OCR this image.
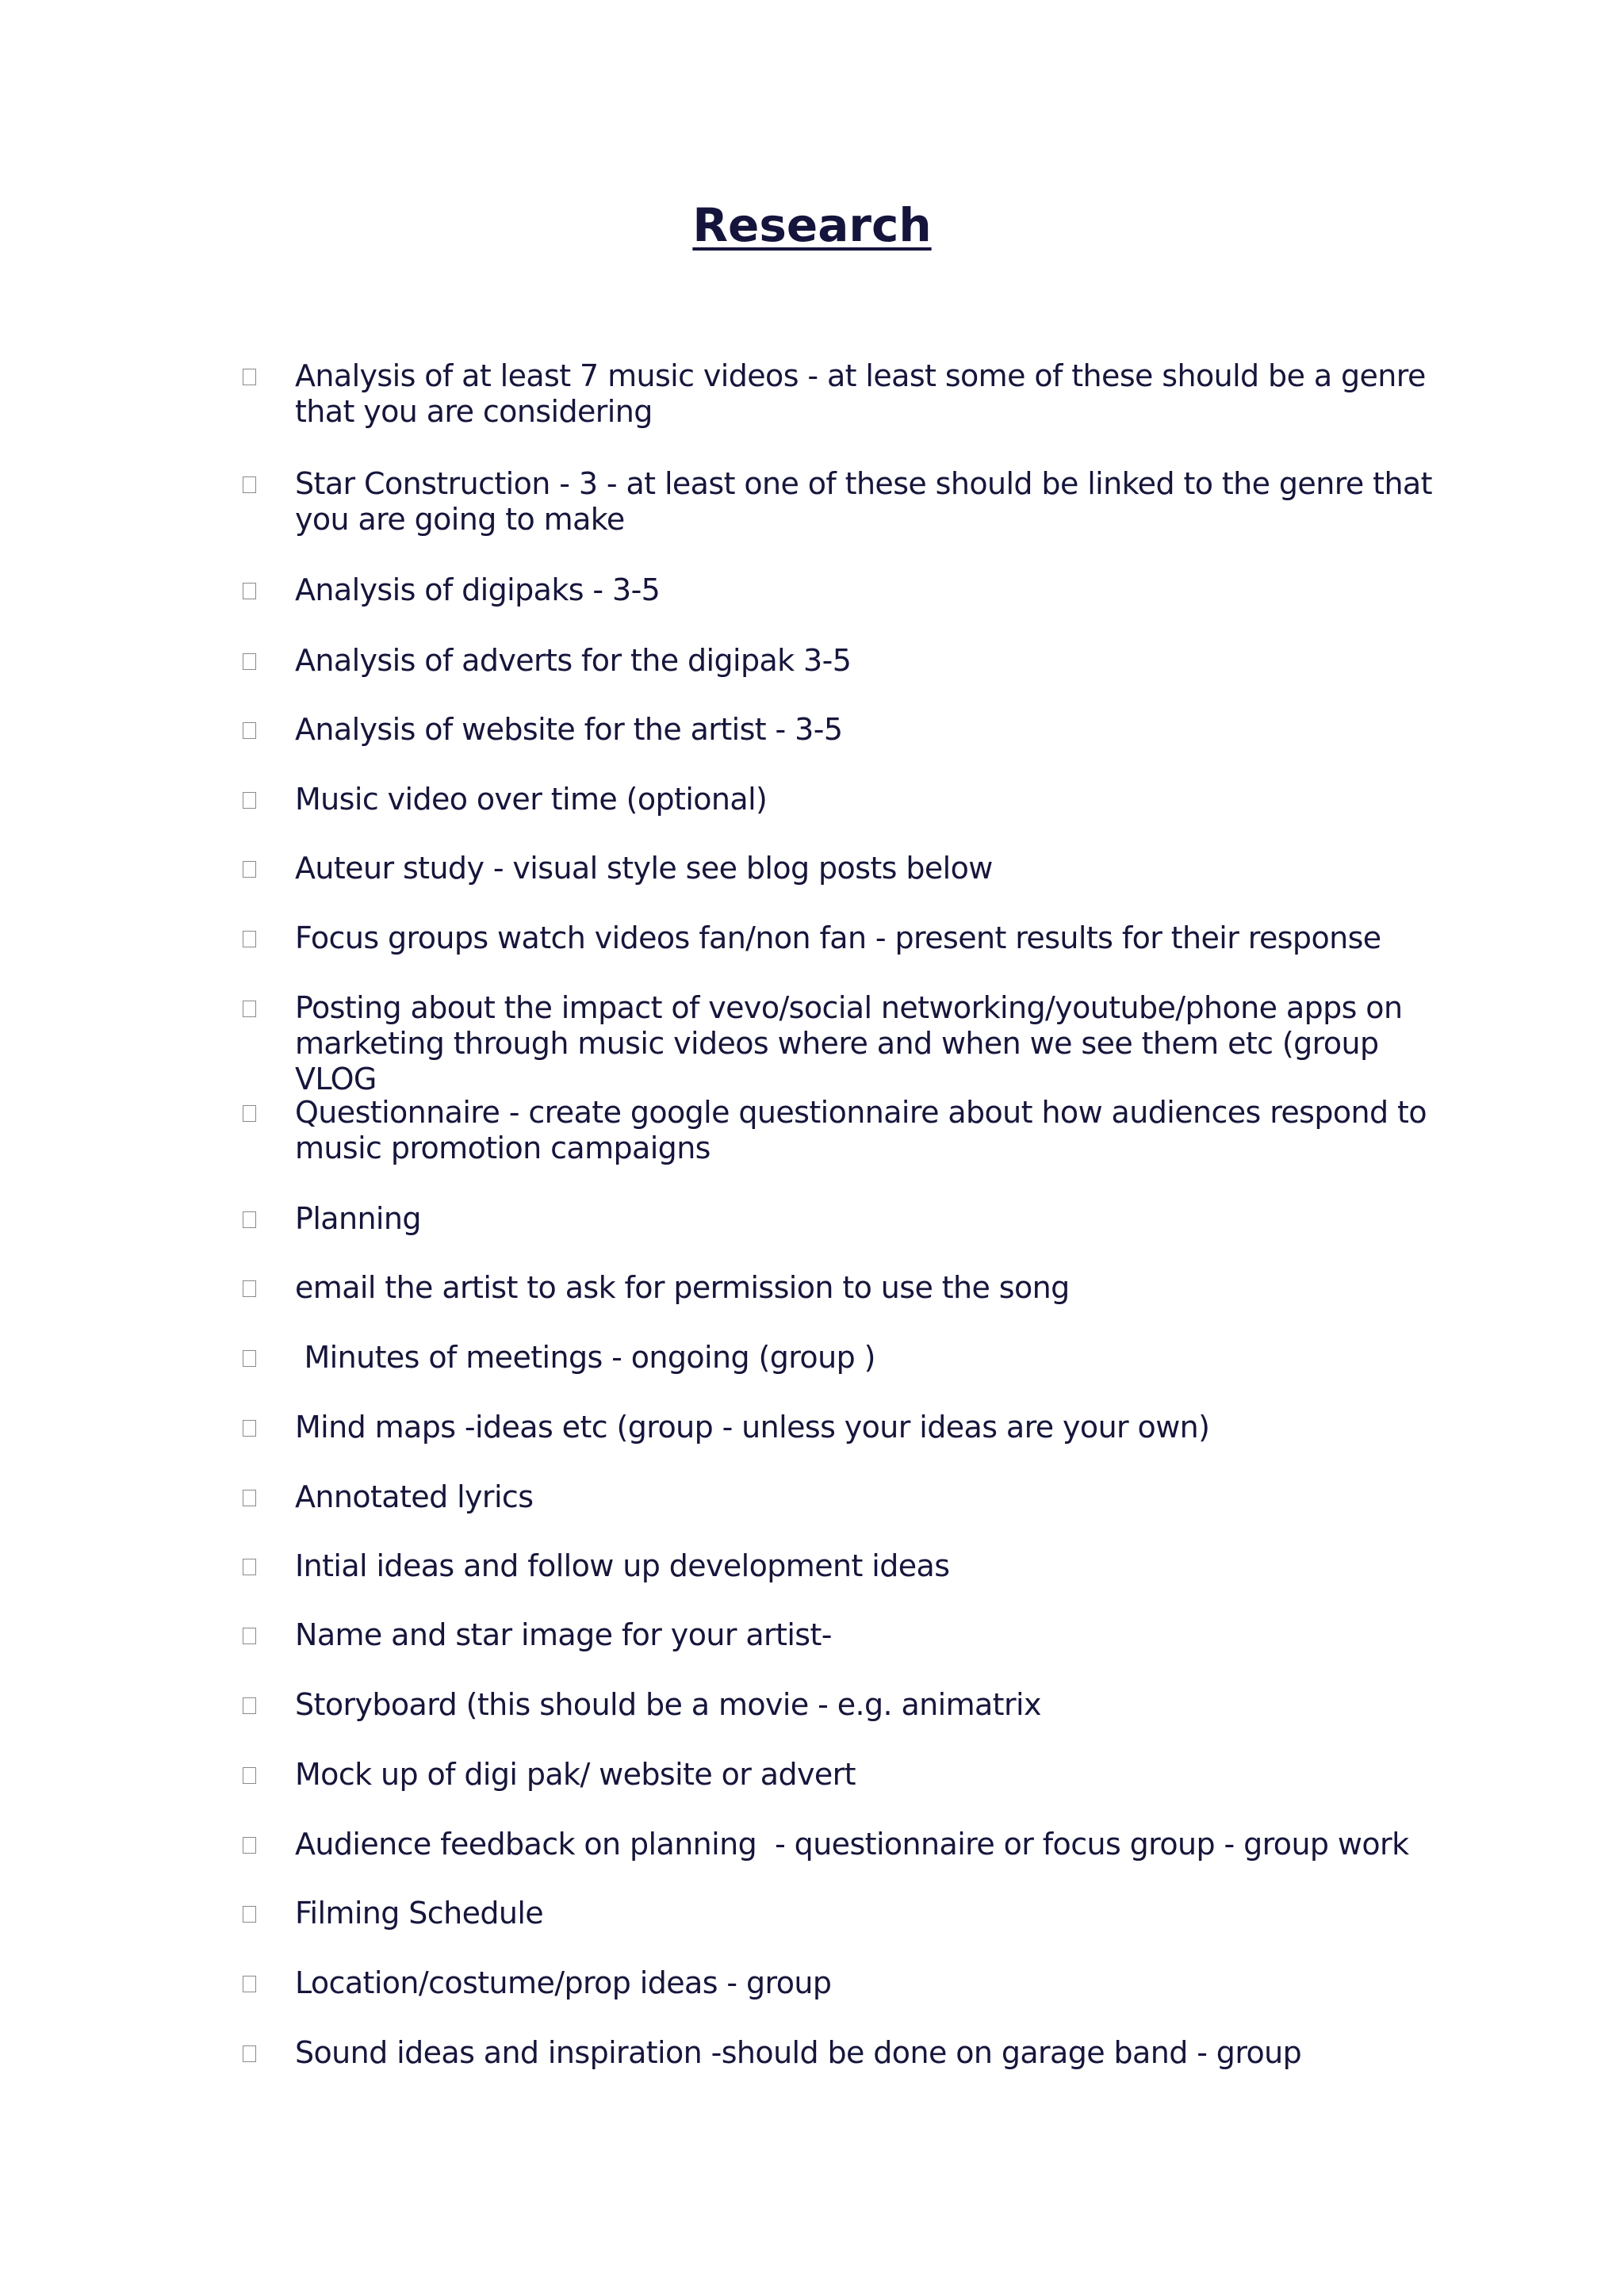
Research
Analysis of at least 7 music videos - at least some of these should be a genre that you are considering
Star Construction - 3 - at least one of these should be linked to the genre that you are going to make
Analysis of digipaks - 3-5
Analysis of adverts for the digipak 3-5
Analysis of website for the artist - 3-5
Music video over time (optional)
Auteur study - visual style see blog posts below
Focus groups watch videos fan/non fan - present results for their response
Posting about the impact of vevo/social networking/youtube/phone apps on marketing through music videos where and when we see them etc (group VLOG
Questionnaire - create google questionnaire about how audiences respond to music promotion campaigns
Planning
email the artist to ask for permission to use the song
Minutes of meetings - ongoing (group )
Mind maps -ideas etc (group - unless your ideas are your own)
Annotated lyrics
Intial ideas and follow up development ideas
Name and star image for your artist-
Storyboard (this should be a movie - e.g. animatrix
Mock up of digi pak/ website or advert
Audience feedback on planning  - questionnaire or focus group - group work
Filming Schedule
Location/costume/prop ideas - group
Sound ideas and inspiration -should be done on garage band - group
